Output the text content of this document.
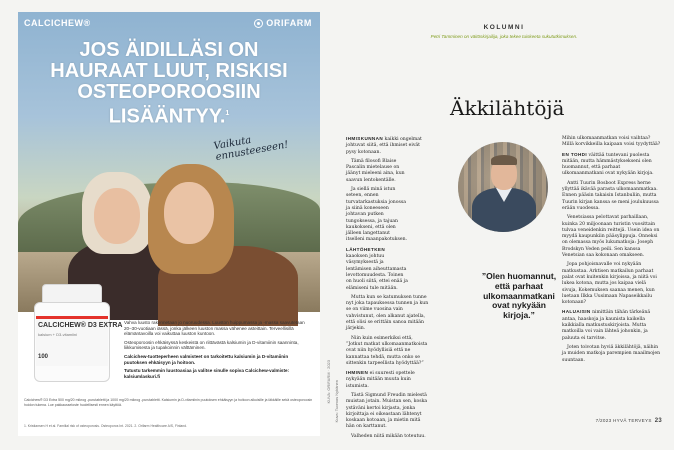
CALCICHEW®	ORIFARM
JOS ÄIDILLÄSI ON HAURAAT LUUT, RISKISI OSTEOPOROOSIIN LISÄÄNTYY.$^1$
Vaikuta ennusteeseen!
CALCICHEW® D3 EXTRA
kalsium + D3-vitamiini
100

Vahva luusto rakennetaan jo nuoruudessa. Luuston huippumassa ja -massa saavutetaan 20–30-vuotiaan iässä, jonka jälkeen luuston massa vähenee asteittain. Terveellisillä elämäntavoilla voi vaikuttaa luuston kuntoon.

Osteoporoosin ehkäisyssä keskeistä on riittävästä kalsiumin ja D-vitamiinin saanninta, liikkumisesta ja tupakoinnin välttäminen.

Calcichew-tuotteperheen valmisteet on tarkoitettu kalsiumin ja D-vitamiinin puutoksen ehkäisyyn ja hoitoon.

Tutustu tarkemmin luustoasiaa ja valitse sinulle sopiva Calcichew-valmiste: kalsiumlaskuri.fi

Calcichew® D3 Extra 500 mg/20 mikrog -purutabletti ja 1000 mg/20 mikrog -purutabletti. Kalsiumin ja D-vitamiinin puutoksen ehkäisyyn ja hoitoon aikuisille ja iäkkäille sekä osteoporoosin hoidon tukena. Lue pakkausseloste huolellisesti ennen käyttöä.
1. Kristiansen H et al. Familial risk of osteoporosis. Osteoporos Int. 2021. 2. Orifarm Healthcare A/S, Finland.
KUVA: ORIFARM · 2023 Kuva: Tuomas Nykänen
KOLUMNI
Petri Tamminen on väitöskirjailija, joka tekee tuiskeeta sukututkimuksen.
Äkkilähtöjä

IHMISKUNNAN kaikki ongelmat johtuvat siitä, että ihmiset eivät pysy kotonaan.

Tämä filosofi Blaise Pascalin mietelause on jäänyt mieleeni aina, kun saavun lentokentälle.

Ja siellä minä istun seteen, ennen turvatarkastuksia jonossa ja siinä koneeseen johtavan putken tungoksessa, ja tajuan kaukokseni, että olen jälleen langettanut itselleni maanpakotuksen.

LÄHTÖHETKEN kaaoksen johtuu väsymyksestä ja lentämisen aiheuttamasta levottomuudesta. Toinen on huoli siitä, ettei enää ja elämiseni tule mitään.

Mutta kun se katumuksen tunne nyt joka tapauksessa tunnen ja kun se on viime vuosina vain vahvistunut, olen alkanut ajatella, että olisi se erittäin sanoa mitään järjekin.

Niin kuin esimerkiksi että, ”Jotkut matkat ulkomaanmatkoista ovat niin hyödyllisiä että ne kannattaa tehdä, mutta onko se sittenkin tarpeellista hyödyttää?”

IHMINEN ei suuresti opettele nykyään mitään muuta kuin istumista.

Tästä Sigmund Freudin mielestä muistan jotain. Muistan sen, koska ystäväni kertoi kirjasta, jonka kirjoittaja ei oikeastaan lähtenyt koskaan kotoaan, ja mietin mitä hän on karttanut.

Valheden niitä mikään toteutuu.

”Olen huomannut, että parhaat ulkomaanmatkani ovat nykyään kirjoja.”

Mihin ulkomaanmatkan voisi vaihtaa? Millä korvikkeilla kaipaan voisi tyydyttää?

EN TOHDI väittää tuntevani puolesta mitään, mutta hämmästyksekseni olen huomannut, että parhaat ulkomaanmatkani ovat nykyään kirjoja.

Antti Tuurin Bosboot Express herne yllyttää ikävää parasta ulkomaanmatkaa. Ennen pääsin takaisin Istanbuliin, mutta Tuurin kirjan kanssa se meni joulukuussa erään vuodessa.

Venetsiassa pelottavat parhaillaan, kuinka 20 miljoonaan turistin vuosittain tulvaa veneidenkin reittejä. Usein idea on myydä kaupunkiin pääsylippuja. Onneksi on olemassa myös lukumatkoja: Joseph Brodskyn Veden peili. Sen kanssa Venetsian saa kokonaan omakseen.

Jopa pohjoisnavalle voi nykyään matkustaa. Arktisen matkailun parhaat palat ovat kuitenkin kirjoissa, ja niitä voi lukea kotona, mutta jos kaipaa vielä sivuja, Kokemuksen saanaa menen, kun luetaan Ilkka Uusimaan Napaseikkailu kotonaan?

HALUAISIN nimittäin tähän tärkeänä antaa, haaskoja ja kaunista kaikella kaikkialla matkustuskirjoista. Mutta matkoilla voi vain lähteä johonkin, ja paluuta ei tarvitse.

Joten toivotan hyviä äkkilähtöjä, näihin ja muiden matkoja parempien maailmojen suuntaan.

7/2023 HYVÄ TERVEYS 23
